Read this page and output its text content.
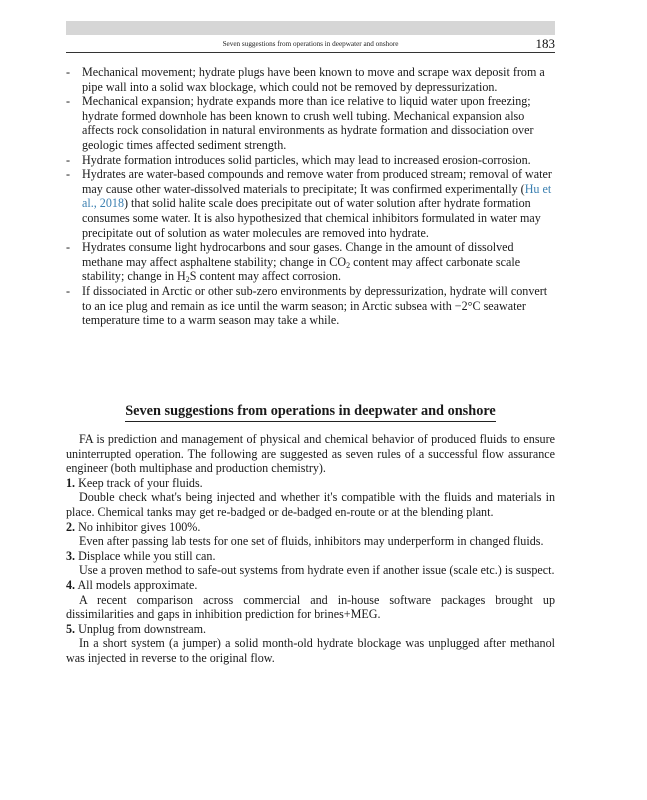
Seven suggestions from operations in deepwater and onshore	183
- Mechanical movement; hydrate plugs have been known to move and scrape wax deposit from a pipe wall into a solid wax blockage, which could not be removed by depressurization.
- Mechanical expansion; hydrate expands more than ice relative to liquid water upon freezing; hydrate formed downhole has been known to crush well tubing. Mechanical expansion also affects rock consolidation in natural environments as hydrate formation and dissociation over geologic times affected sediment strength.
- Hydrate formation introduces solid particles, which may lead to increased erosion-corrosion.
- Hydrates are water-based compounds and remove water from produced stream; removal of water may cause other water-dissolved materials to precipitate; It was confirmed experimentally (Hu et al., 2018) that solid halite scale does precipitate out of water solution after hydrate formation consumes some water. It is also hypothesized that chemical inhibitors formulated in water may precipitate out of solution as water molecules are removed into hydrate.
- Hydrates consume light hydrocarbons and sour gases. Change in the amount of dissolved methane may affect asphaltene stability; change in $CO_2$ content may affect carbonate scale stability; change in $H_2S$ content may affect corrosion.
- If dissociated in Arctic or other sub-zero environments by depressurization, hydrate will convert to an ice plug and remain as ice until the warm season; in Arctic subsea with −2°C seawater temperature time to a warm season may take a while.
Seven suggestions from operations in deepwater and onshore

FA is prediction and management of physical and chemical behavior of produced fluids to ensure uninterrupted operation. The following are suggested as seven rules of a successful flow assurance engineer (both multiphase and production chemistry).

1. Keep track of your fluids.

Double check what's being injected and whether it's compatible with the fluids and materials in place. Chemical tanks may get re-badged or de-badged en-route or at the blending plant.

2. No inhibitor gives 100%.

Even after passing lab tests for one set of fluids, inhibitors may underperform in changed fluids.

3. Displace while you still can.

Use a proven method to safe-out systems from hydrate even if another issue (scale etc.) is suspect.

4. All models approximate.

A recent comparison across commercial and in-house software packages brought up dissimilarities and gaps in inhibition prediction for brines+MEG.

5. Unplug from downstream.

In a short system (a jumper) a solid month-old hydrate blockage was unplugged after methanol was injected in reverse to the original flow.
